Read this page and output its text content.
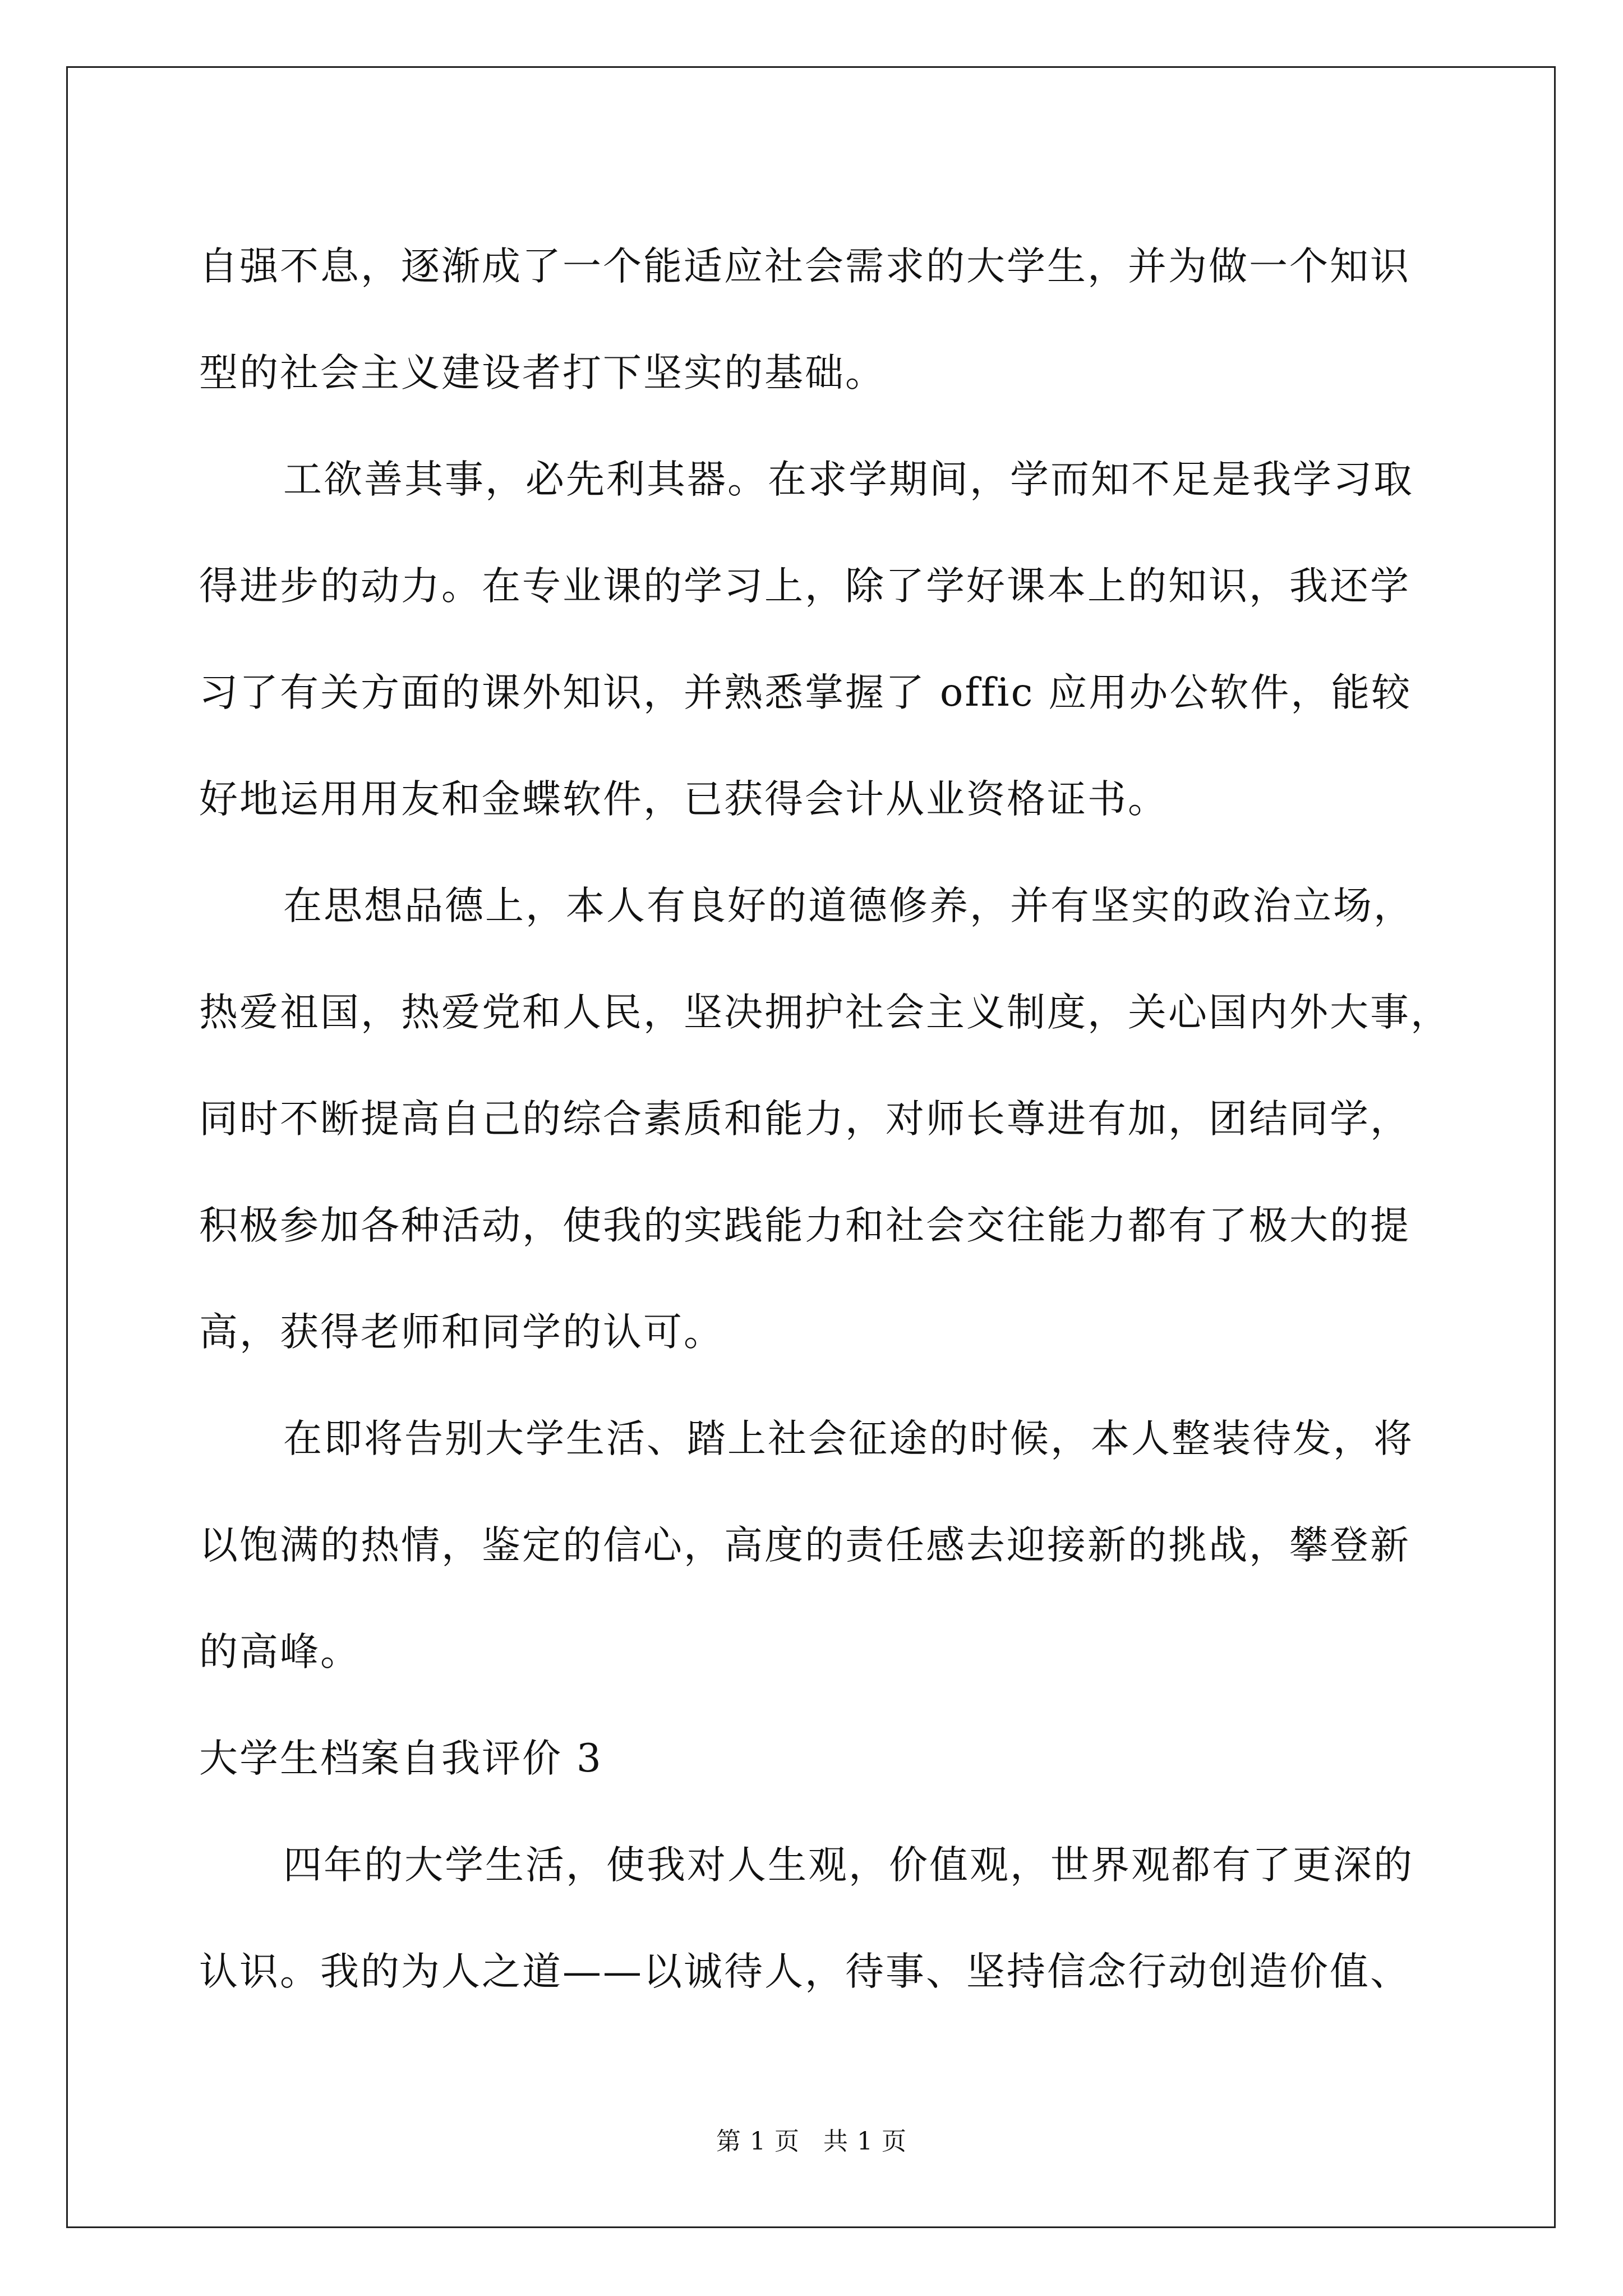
自强不息，逐渐成了一个能适应社会需求的大学生，并为做一个知识
型的社会主义建设者打下坚实的基础。
工欲善其事，必先利其器。在求学期间，学而知不足是我学习取
得进步的动力。在专业课的学习上，除了学好课本上的知识，我还学
习了有关方面的课外知识，并熟悉掌握了 offic 应用办公软件，能较
好地运用用友和金蝶软件，已获得会计从业资格证书。
在思想品德上，本人有良好的道德修养，并有坚实的政治立场，
热爱祖国，热爱党和人民，坚决拥护社会主义制度，关心国内外大事，
同时不断提高自己的综合素质和能力，对师长尊进有加，团结同学，
积极参加各种活动，使我的实践能力和社会交往能力都有了极大的提
高，获得老师和同学的认可。
在即将告别大学生活、踏上社会征途的时候，本人整装待发，将
以饱满的热情，鉴定的信心，高度的责任感去迎接新的挑战，攀登新
的高峰。
大学生档案自我评价 3
四年的大学生活，使我对人生观，价值观，世界观都有了更深的
认识。我的为人之道——以诚待人，待事、坚持信念行动创造价值、
第 1 页 共 1 页
